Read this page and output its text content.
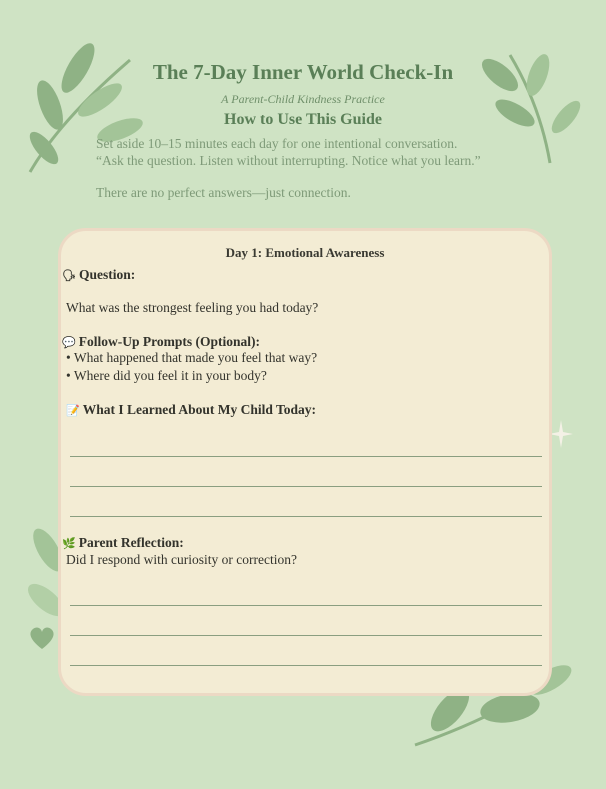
The 7-Day Inner World Check-In
A Parent-Child Kindness Practice
How to Use This Guide
Set aside 10–15 minutes each day for one intentional conversation.
“Ask the question. Listen without interrupting. Notice what you learn.”
There are no perfect answers—just connection.
Day 1: Emotional Awareness
🗣 Question:
What was the strongest feeling you had today?
💬 Follow-Up Prompts (Optional):
• What happened that made you feel that way?
• Where did you feel it in your body?
📝 What I Learned About My Child Today:
🌿 Parent Reflection:
Did I respond with curiosity or correction?
